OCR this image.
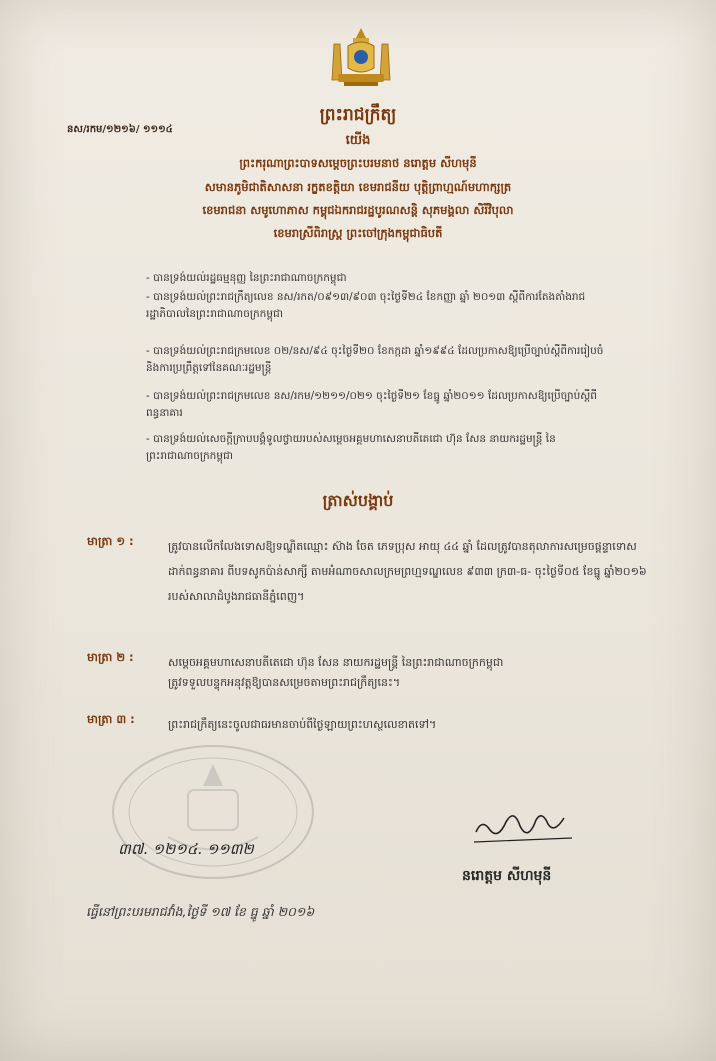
នស/រកម/១២១៦/ ១១១៤
ព្រះរាជក្រឹត្យ
យើង
ព្រះករុណាព្រះបាទសម្តេចព្រះបរមនាថ នរោត្តម សីហមុនី
សមានភូមិជាតិសាសនា រក្ខតខត្តិយា ខេមរាជនីយ បុត្តិព្រាហ្មណ៍មហាក្សត្រ
ខេមរាជនា សមូហោភាស កម្ពុជឯករាជរដ្ឋបូរណសន្តិ សុភមង្គលា សិរីវិបុលា
ខេមរាស្រីពិរាស្ត្រ ព្រះចៅក្រុងកម្ពុជាធិបតី
- បានទ្រង់យល់រដ្ឋធម្មនុញ្ញ នៃព្រះរាជាណាចក្រកម្ពុជា
- បានទ្រង់យល់ព្រះរាជក្រឹត្យលេខ នស/រកត/០៩១៣/៩០៣ ចុះថ្ងៃទី២៤ ខែកញ្ញា ឆ្នាំ ២០១៣ ស្តីពីការតែងតាំងរាជរដ្ឋាភិបាលនៃព្រះរាជាណាចក្រកម្ពុជា
- បានទ្រង់យល់ព្រះរាជក្រមលេខ ០២/នស/៩៤ ចុះថ្ងៃទី២០ ខែកក្កដា ឆ្នាំ១៩៩៤ ដែលប្រកាសឱ្យប្រើច្បាប់ស្តីពីការរៀបចំ និងការប្រព្រឹត្តទៅនៃគណៈរដ្ឋមន្ត្រី
- បានទ្រង់យល់ព្រះរាជក្រមលេខ នស/រកម/១២១១/០២១ ចុះថ្ងៃទី២១ ខែធ្នូ ឆ្នាំ២០១១ ដែលប្រកាសឱ្យប្រើច្បាប់ស្តីពីពន្ធនាគារ
- បានទ្រង់យល់សេចក្តីក្រាបបង្គំទូលថ្វាយរបស់សម្តេចអគ្គមហាសេនាបតីតេជោ ហ៊ុន សែន នាយករដ្ឋមន្ត្រី នៃព្រះរាជាណាចក្រកម្ពុជា
ត្រាស់បង្គាប់
មាត្រា ១ :	ត្រូវបានលើកលែងទោសឱ្យទណ្ឌិតឈ្មោះ ស៊ាង ចែត ភេទប្រុស អាយុ ៤៤ ឆ្នាំ ដែលត្រូវបានតុលាការសម្រេចផ្តន្ទាទោសដាក់ពន្ធនាគារ ពីបទសូកប៉ាន់សាក្សី តាមអំណាចសាលក្រមព្រហ្មទណ្ឌលេខ ៩៣៣ ក្រ៣-ធ- ចុះថ្ងៃទី០៥ ខែធ្នូ ឆ្នាំ២០១៦ របស់សាលាដំបូងរាជធានីភ្នំពេញ។
មាត្រា ២ :	សម្តេចអគ្គមហាសេនាបតីតេជោ ហ៊ុន សែន នាយករដ្ឋមន្ត្រី នៃព្រះរាជាណាចក្រកម្ពុជា
ត្រូវទទួលបន្ទុកអនុវត្តឱ្យបានសម្រេចតាមព្រះរាជក្រឹត្យនេះ។
មាត្រា ៣ :	ព្រះរាជក្រឹត្យនេះចូលជាធរមានចាប់ពីថ្ងៃឡាយព្រះហស្ថលេខាតទៅ។
៣៧. ១២១៤. ១១៣២
នរោត្តម សីហមុនី
ធ្វើនៅព្រះបរមរាជវាំង,ថ្ងៃទី ១៧ ខែ ធ្នូ ឆ្នាំ ២០១៦
